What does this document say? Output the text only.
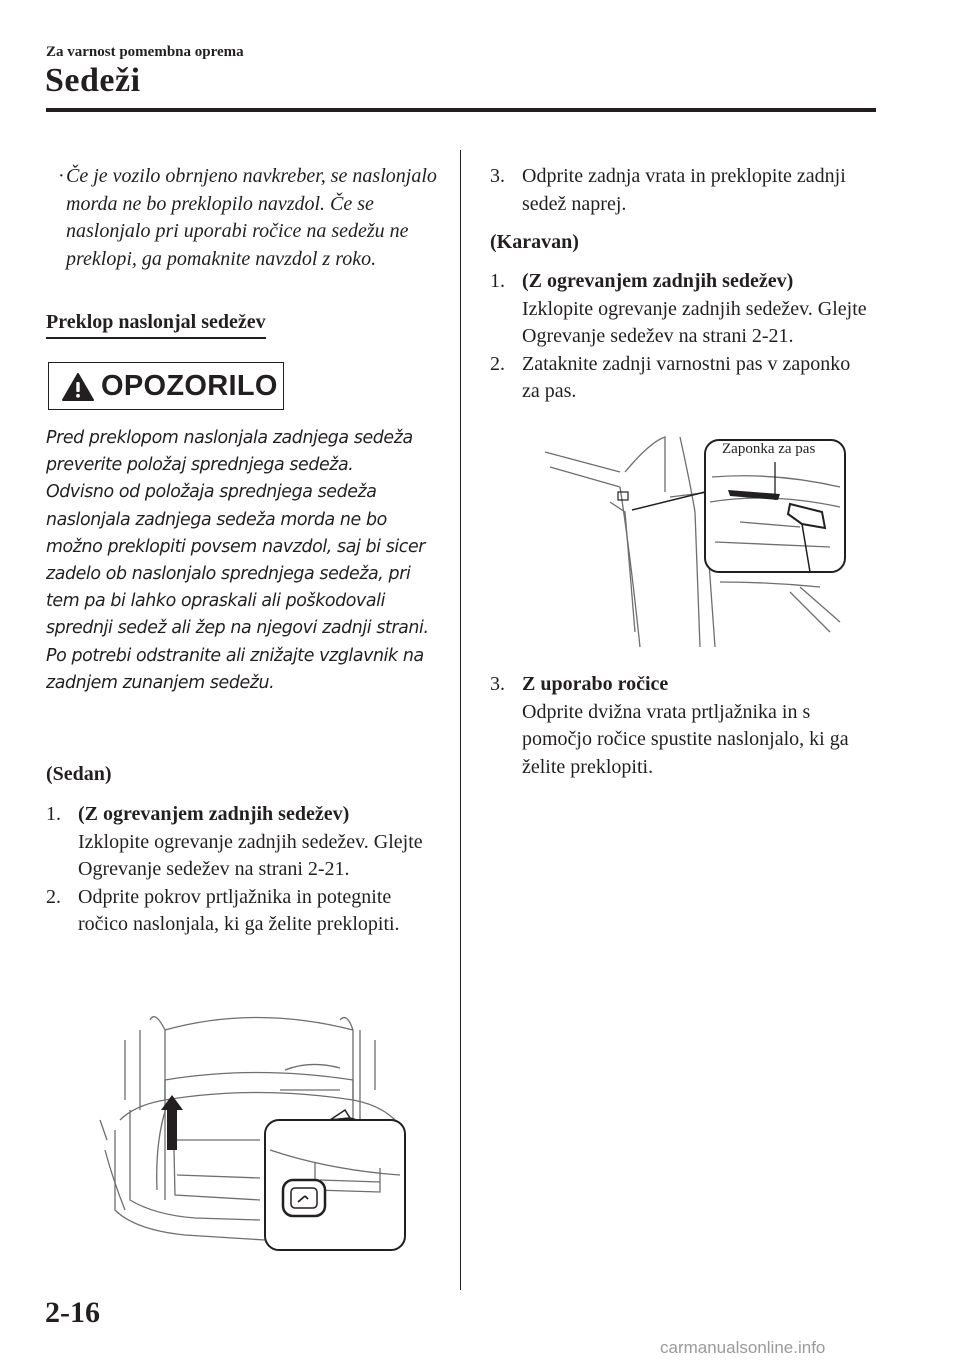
Za varnost pomembna oprema
Sedeži
· Če je vozilo obrnjeno navkreber, se naslonjalo morda ne bo preklopilo navzdol. Če se naslonjalo pri uporabi ročice na sedežu ne preklopi, ga pomaknite navzdol z roko.
Preklop naslonjal sedežev
OPOZORILO

Pred preklopom naslonjala zadnjega sedeža preverite položaj sprednjega sedeža.

Odvisno od položaja sprednjega sedeža naslonjala zadnjega sedeža morda ne bo možno preklopiti povsem navzdol, saj bi sicer zadelo ob naslonjalo sprednjega sedeža, pri tem pa bi lahko opraskali ali poškodovali sprednji sedež ali žep na njegovi zadnji strani. Po potrebi odstranite ali znižajte vzglavnik na zadnjem zunanjem sedežu.

(Sedan)
1. (Z ogrevanjem zadnjih sedežev)
Izklopite ogrevanje zadnjih sedežev. Glejte Ogrevanje sedežev na strani 2-21.
2. Odprite pokrov prtljažnika in potegnite ročico naslonjala, ki ga želite preklopiti.
3. Odprite zadnja vrata in preklopite zadnji sedež naprej.
(Karavan)
1. (Z ogrevanjem zadnjih sedežev)
Izklopite ogrevanje zadnjih sedežev. Glejte Ogrevanje sedežev na strani 2-21.
2. Zataknite zadnji varnostni pas v zaponko za pas.
Zaponka za pas
3. Z uporabo ročice
Odprite dvižna vrata prtljažnika in s pomočjo ročice spustite naslonjalo, ki ga želite preklopiti.
2-16
carmanualsonline.info
